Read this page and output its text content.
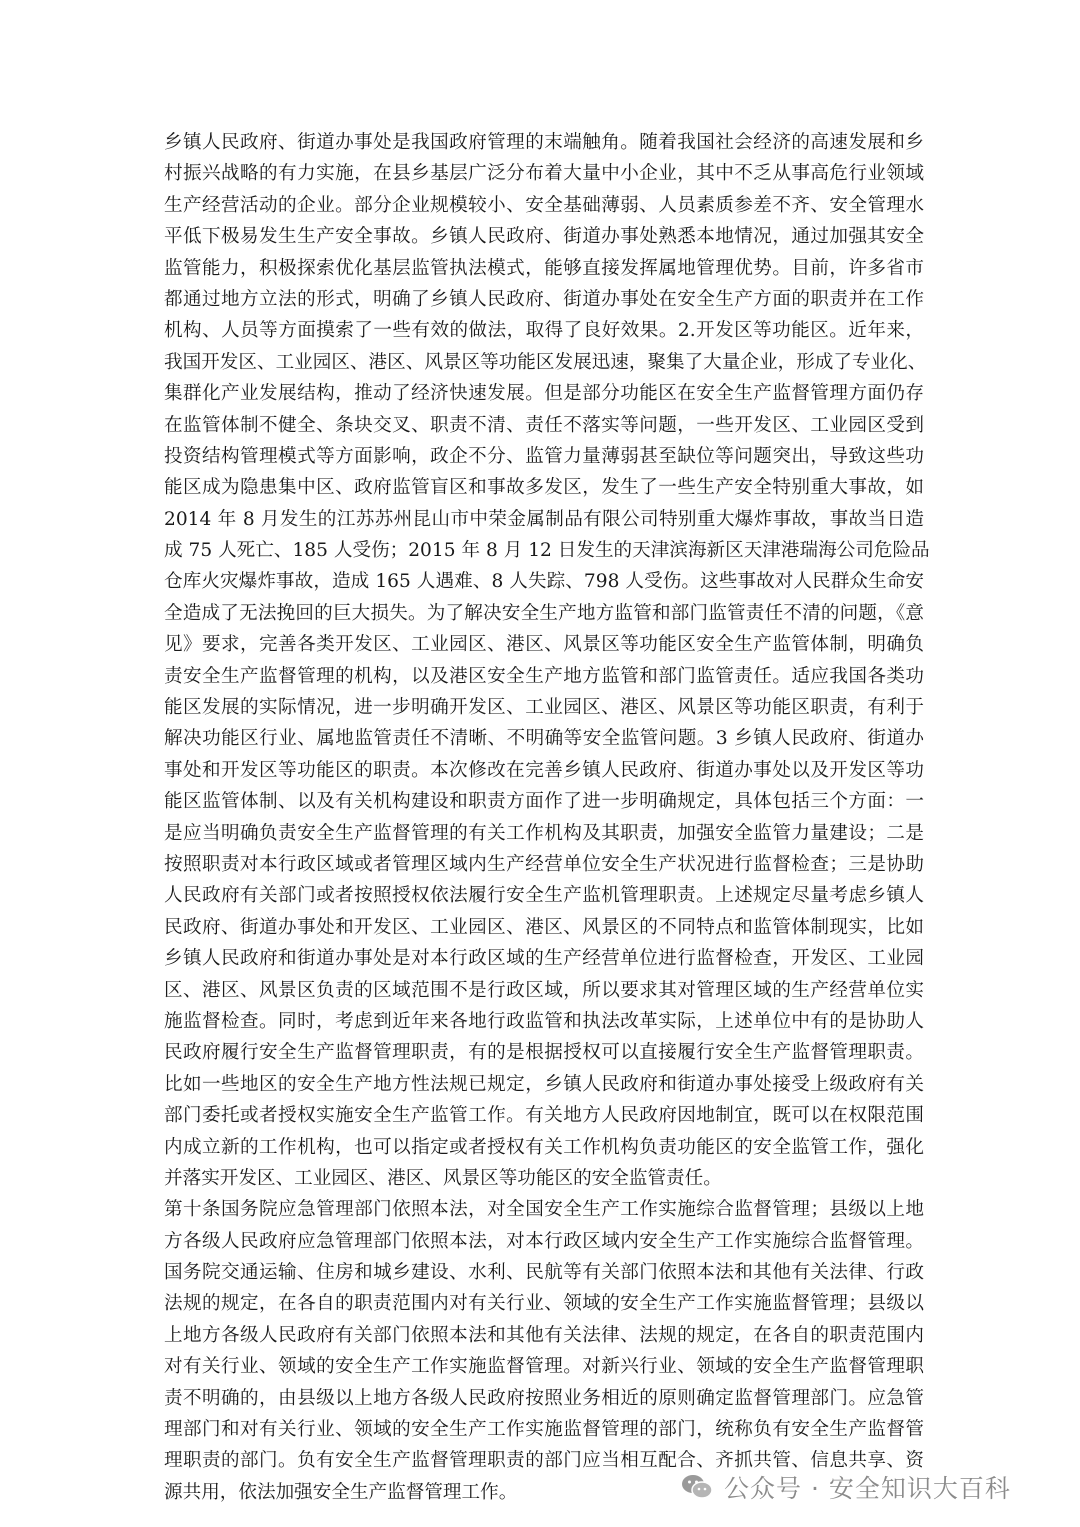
乡镇人民政府、街道办事处是我国政府管理的末端触角。随着我国社会经济的高速发展和乡
村振兴战略的有力实施，在县乡基层广泛分布着大量中小企业，其中不乏从事高危行业领域
生产经营活动的企业。部分企业规模较小、安全基础薄弱、人员素质参差不齐、安全管理水
平低下极易发生生产安全事故。乡镇人民政府、街道办事处熟悉本地情况，通过加强其安全
监管能力，积极探索优化基层监管执法模式，能够直接发挥属地管理优势。目前，许多省市
都通过地方立法的形式，明确了乡镇人民政府、街道办事处在安全生产方面的职责并在工作
机构、人员等方面摸索了一些有效的做法，取得了良好效果。2.开发区等功能区。近年来，
我国开发区、工业园区、港区、风景区等功能区发展迅速，聚集了大量企业，形成了专业化、
集群化产业发展结构，推动了经济快速发展。但是部分功能区在安全生产监督管理方面仍存
在监管体制不健全、条块交叉、职责不清、责任不落实等问题，一些开发区、工业园区受到
投资结构管理模式等方面影响，政企不分、监管力量薄弱甚至缺位等问题突出，导致这些功
能区成为隐患集中区、政府监管盲区和事故多发区，发生了一些生产安全特别重大事故，如
2014 年 8 月发生的江苏苏州昆山市中荣金属制品有限公司特别重大爆炸事故，事故当日造
成 75 人死亡、185 人受伤；2015 年 8 月 12 日发生的天津滨海新区天津港瑞海公司危险品
仓库火灾爆炸事故，造成 165 人遇难、8 人失踪、798 人受伤。这些事故对人民群众生命安
全造成了无法挽回的巨大损失。为了解决安全生产地方监管和部门监管责任不清的问题，《意
见》要求，完善各类开发区、工业园区、港区、风景区等功能区安全生产监管体制，明确负
责安全生产监督管理的机构，以及港区安全生产地方监管和部门监管责任。适应我国各类功
能区发展的实际情况，进一步明确开发区、工业园区、港区、风景区等功能区职责，有利于
解决功能区行业、属地监管责任不清晰、不明确等安全监管问题。3 乡镇人民政府、街道办
事处和开发区等功能区的职责。本次修改在完善乡镇人民政府、街道办事处以及开发区等功
能区监管体制、以及有关机构建设和职责方面作了进一步明确规定，具体包括三个方面：一
是应当明确负责安全生产监督管理的有关工作机构及其职责，加强安全监管力量建设；二是
按照职责对本行政区域或者管理区域内生产经营单位安全生产状况进行监督检查；三是协助
人民政府有关部门或者按照授权依法履行安全生产监机管理职责。上述规定尽量考虑乡镇人
民政府、街道办事处和开发区、工业园区、港区、风景区的不同特点和监管体制现实，比如
乡镇人民政府和街道办事处是对本行政区域的生产经营单位进行监督检查，开发区、工业园
区、港区、风景区负责的区域范围不是行政区域，所以要求其对管理区域的生产经营单位实
施监督检查。同时，考虑到近年来各地行政监管和执法改革实际，上述单位中有的是协助人
民政府履行安全生产监督管理职责，有的是根据授权可以直接履行安全生产监督管理职责。
比如一些地区的安全生产地方性法规已规定，乡镇人民政府和街道办事处接受上级政府有关
部门委托或者授权实施安全生产监管工作。有关地方人民政府因地制宜，既可以在权限范围
内成立新的工作机构，也可以指定或者授权有关工作机构负责功能区的安全监管工作，强化
并落实开发区、工业园区、港区、风景区等功能区的安全监管责任。
第十条国务院应急管理部门依照本法，对全国安全生产工作实施综合监督管理；县级以上地
方各级人民政府应急管理部门依照本法，对本行政区域内安全生产工作实施综合监督管理。
国务院交通运输、住房和城乡建设、水利、民航等有关部门依照本法和其他有关法律、行政
法规的规定，在各自的职责范围内对有关行业、领域的安全生产工作实施监督管理；县级以
上地方各级人民政府有关部门依照本法和其他有关法律、法规的规定，在各自的职责范围内
对有关行业、领域的安全生产工作实施监督管理。对新兴行业、领域的安全生产监督管理职
责不明确的，由县级以上地方各级人民政府按照业务相近的原则确定监督管理部门。应急管
理部门和对有关行业、领域的安全生产工作实施监督管理的部门，统称负有安全生产监督管
理职责的部门。负有安全生产监督管理职责的部门应当相互配合、齐抓共管、信息共享、资
源共用，依法加强安全生产监督管理工作。	公众号 · 安全知识大百科
